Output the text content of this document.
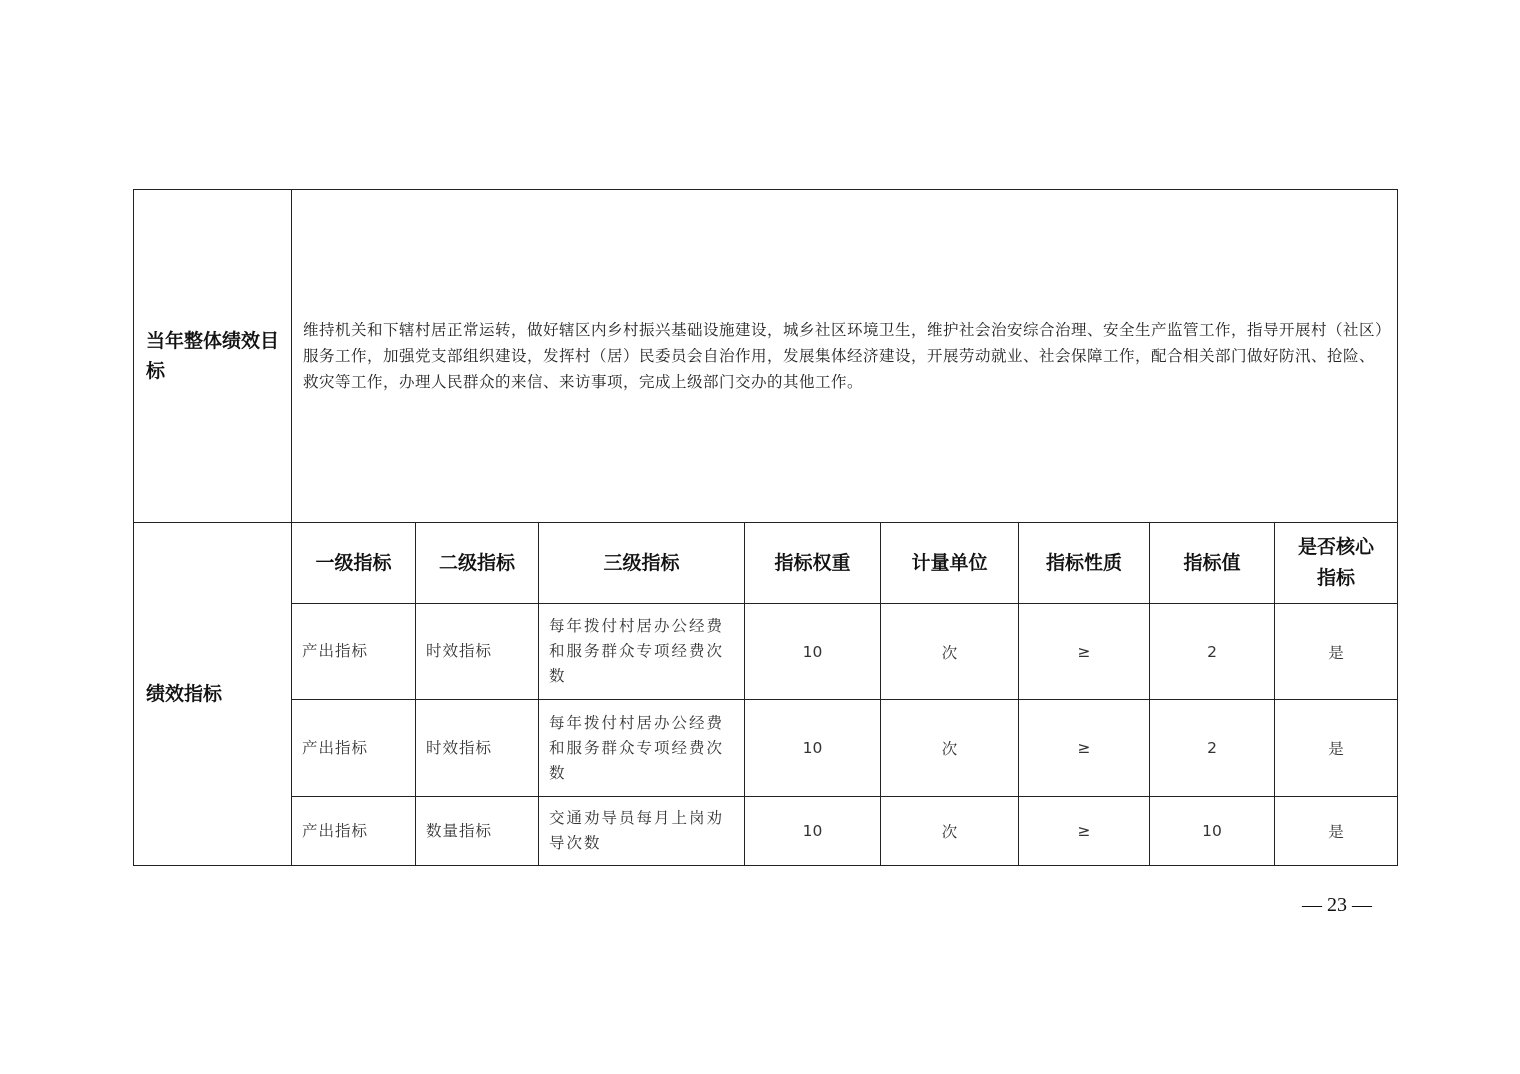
当年整体绩效目标	维持机关和下辖村居正常运转，做好辖区内乡村振兴基础设施建设，城乡社区环境卫生，维护社会治安综合治理、安全生产监管工作，指导开展村（社区）服务工作，加强党支部组织建设，发挥村（居）民委员会自治作用，发展集体经济建设，开展劳动就业、社会保障工作，配合相关部门做好防汛、抢险、救灾等工作，办理人民群众的来信、来访事项，完成上级部门交办的其他工作。							
绩效指标	一级指标	二级指标	三级指标	指标权重	计量单位	指标性质	指标值	是否核心指标
	产出指标	时效指标	每年拨付村居办公经费和服务群众专项经费次数	10	次	≥	2	是
	产出指标	时效指标	每年拨付村居办公经费和服务群众专项经费次数	10	次	≥	2	是
	产出指标	数量指标	交通劝导员每月上岗劝导次数	10	次	≥	10	是
— 23 —
